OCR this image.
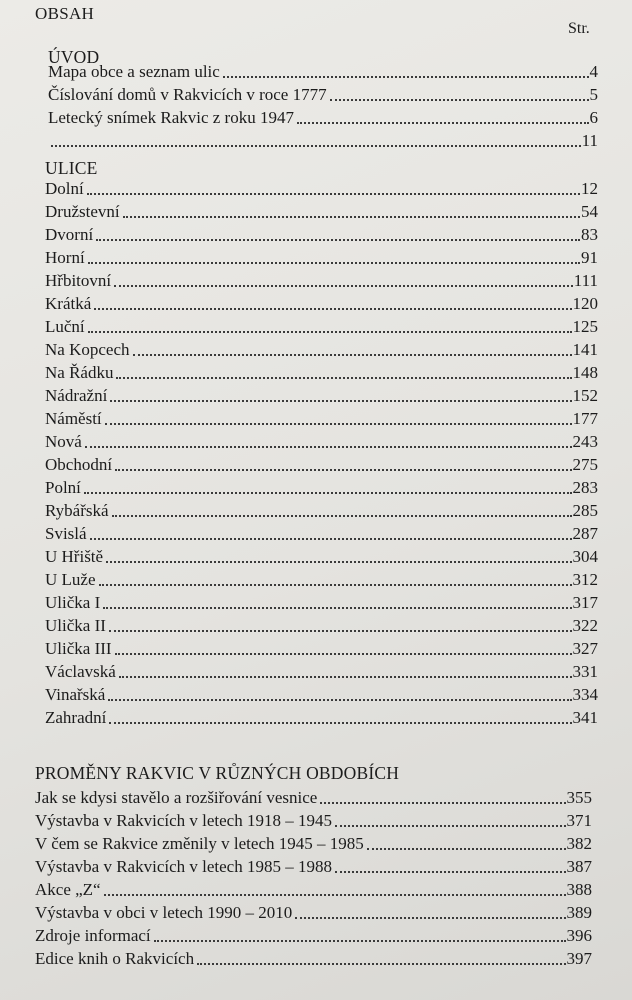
OBSAH
Str.
ÚVOD
Mapa obce a seznam ulic	4
Číslování domů v Rakvicích v roce 1777	5
Letecký snímek Rakvic z roku 1947	6
11
ULICE
Dolní	12
Družstevní	54
Dvorní	83
Horní	91
Hřbitovní	111
Krátká	120
Luční	125
Na Kopcech	141
Na Řádku	148
Nádražní	152
Náměstí	177
Nová	243
Obchodní	275
Polní	283
Rybářská	285
Svislá	287
U Hřiště	304
U Luže	312
Ulička I	317
Ulička II	322
Ulička III	327
Václavská	331
Vinařská	334
Zahradní	341
PROMĚNY RAKVIC V RŮZNÝCH OBDOBÍCH
Jak se kdysi stavělo a rozšiřování vesnice	355
Výstavba v Rakvicích v letech 1918 – 1945	371
V čem se Rakvice změnily v letech 1945 – 1985	382
Výstavba v Rakvicích v letech 1985 – 1988	387
Akce „Z“	388
Výstavba v obci v letech 1990 – 2010	389
Zdroje informací	396
Edice knih o Rakvicích	397
